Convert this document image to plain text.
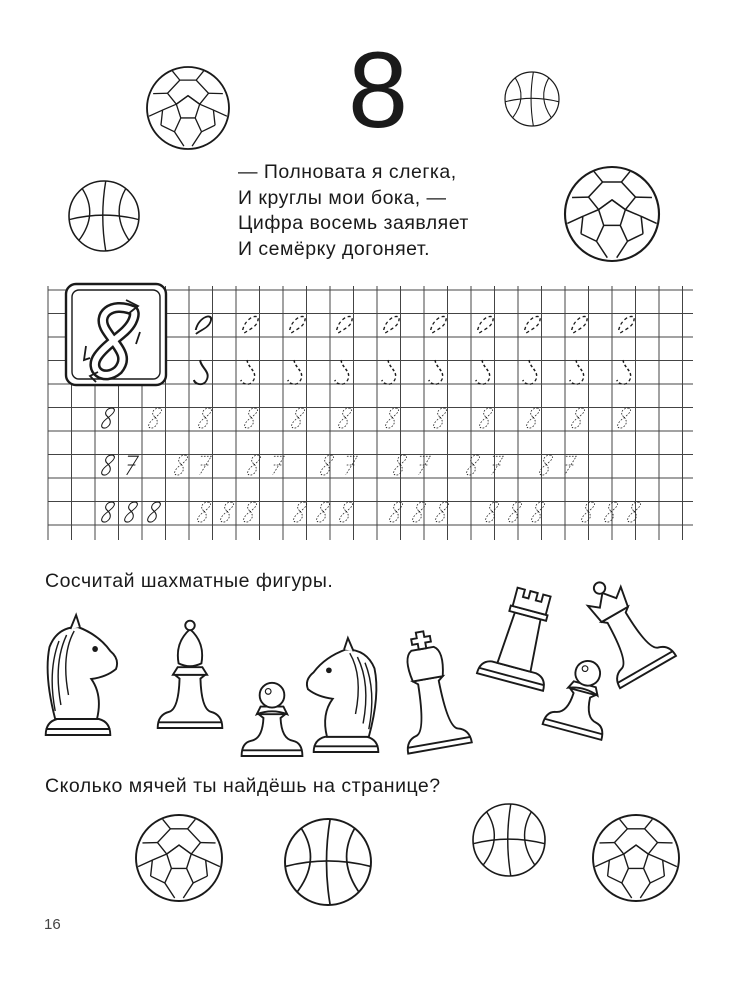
8
— Полновата я слегка,
И круглы мои бока, —
Цифра восемь заявляет
И семёрку догоняет.
Сосчитай шахматные фигуры.
Сколько мячей ты найдёшь на странице?
16
